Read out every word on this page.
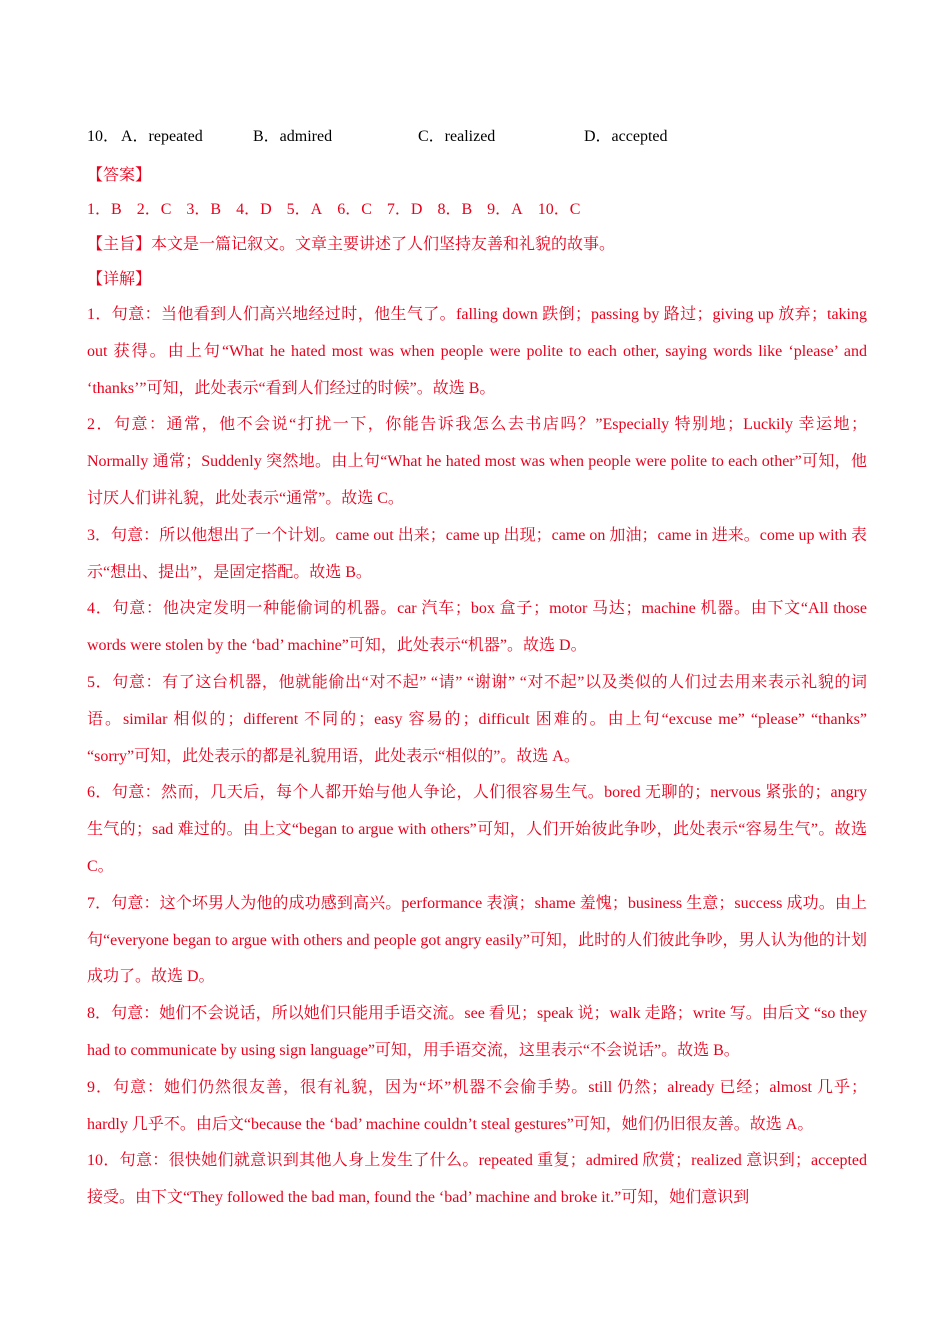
10． A．repeated	B．admired	C．realized	D．accepted
【答案】
1．B 2．C 3．B 4．D 5．A 6．C 7．D 8．B 9．A 10．C
【主旨】本文是一篇记叙文。文章主要讲述了人们坚持友善和礼貌的故事。
【详解】

1．句意：当他看到人们高兴地经过时，他生气了。falling down 跌倒；passing by 路过；giving up 放弃；taking out 获得。由上句“What he hated most was when people were polite to each other, saying words like ‘please’ and ‘thanks’”可知，此处表示“看到人们经过的时候”。故选 B。

2．句意：通常，他不会说“打扰一下，你能告诉我怎么去书店吗？”Especially 特别地；Luckily 幸运地；Normally 通常；Suddenly 突然地。由上句“What he hated most was when people were polite to each other”可知，他讨厌人们讲礼貌，此处表示“通常”。故选 C。

3．句意：所以他想出了一个计划。came out 出来；came up 出现；came on 加油；came in 进来。come up with 表示“想出、提出”，是固定搭配。故选 B。

4．句意：他决定发明一种能偷词的机器。car 汽车；box 盒子；motor 马达；machine 机器。由下文“All those words were stolen by the ‘bad’ machine”可知，此处表示“机器”。故选 D。

5．句意：有了这台机器，他就能偷出“对不起” “请” “谢谢” “对不起”以及类似的人们过去用来表示礼貌的词语。similar 相似的；different 不同的；easy 容易的；difficult 困难的。由上句“excuse me” “please” “thanks” “sorry”可知，此处表示的都是礼貌用语，此处表示“相似的”。故选 A。

6．句意：然而，几天后，每个人都开始与他人争论，人们很容易生气。bored 无聊的；nervous 紧张的；angry 生气的；sad 难过的。由上文“began to argue with others”可知，人们开始彼此争吵，此处表示“容易生气”。故选 C。

7．句意：这个坏男人为他的成功感到高兴。performance 表演；shame 羞愧；business 生意；success 成功。由上句“everyone began to argue with others and people got angry easily”可知，此时的人们彼此争吵，男人认为他的计划成功了。故选 D。

8．句意：她们不会说话，所以她们只能用手语交流。see 看见；speak 说；walk 走路；write 写。由后文 “so they had to communicate by using sign language”可知，用手语交流，这里表示“不会说话”。故选 B。

9．句意：她们仍然很友善，很有礼貌，因为“坏”机器不会偷手势。still 仍然；already 已经；almost 几乎；hardly 几乎不。由后文“because the ‘bad’ machine couldn’t steal gestures”可知，她们仍旧很友善。故选 A。

10．句意：很快她们就意识到其他人身上发生了什么。repeated 重复；admired 欣赏；realized 意识到；accepted 接受。由下文“They followed the bad man, found the ‘bad’ machine and broke it.”可知，她们意识到
